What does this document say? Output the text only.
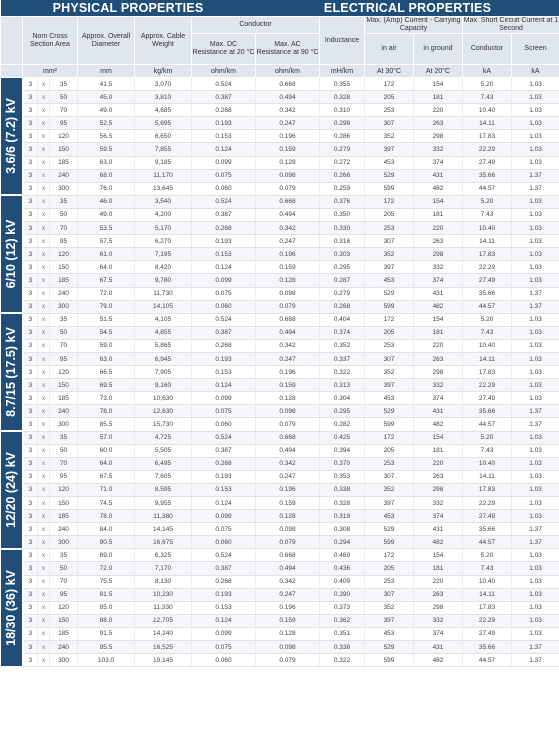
PHYSICAL PROPERTIES							ELECTRICAL PROPERTIES					
	Nom Cross Section Area			Approx. Overall Diameter	Approx. Cable Weight	Conductor		Inductance	Max. (Amp) Current - Carrying Capacity		Max. Short Circuit Current at 1 Second	
						Max. DC Resistance at 20 °C	Max. AC Resistance at 90 °C		in air	in ground	Conductor	Screen
	mm²			mm	kg/km	ohm/km	ohm/km	mH/km	At 30°C	At 20°C	kA	kA

3.6/6 (7.2) kV	3	x	35	41.5	3,070	0.524	0.668	0.355	172	154	5.20	1.03
	3	x	50	45.0	3,810	0.387	0.494	0.328	205	181	7.43	1.03
	3	x	70	49.0	4,685	0.268	0.342	0.310	253	220	10.40	1.03
	3	x	95	52.5	5,695	0.193	0.247	0.298	307	263	14.11	1.03
	3	x	120	56.5	6,650	0.153	0.196	0.286	352	298	17.83	1.03
	3	x	150	59.5	7,855	0.124	0.159	0.279	397	332	22.29	1.03
	3	x	185	63.0	9,185	0.099	0.128	0.272	453	374	27.49	1.03
	3	x	240	68.0	11,170	0.075	0.098	0.266	529	431	35.66	1.37
	3	x	300	76.0	13,645	0.060	0.079	0.259	599	482	44.57	1.37

6/10 (12) kV	3	x	35	46.0	3,540	0.524	0.668	0.376	172	154	5.20	1.03
	3	x	50	49.0	4,200	0.387	0.494	0.350	205	181	7.43	1.03
	3	x	70	53.5	5,170	0.268	0.342	0.330	253	220	10.40	1.03
	3	x	95	57.5	6,270	0.193	0.247	0.316	307	263	14.11	1.03
	3	x	120	61.0	7,195	0.153	0.196	0.303	352	298	17.83	1.03
	3	x	150	64.0	8,420	0.124	0.159	0.295	397	332	22.29	1.03
	3	x	185	67.5	9,780	0.099	0.128	0.287	453	374	27.49	1.03
	3	x	240	72.0	11,730	0.075	0.098	0.279	529	431	35.66	1.37
	3	x	300	79.0	14,105	0.060	0.079	0.268	599	482	44.57	1.37

8.7/15 (17.5) kV	3	x	35	51.5	4,105	0.524	0.668	0.404	172	154	5.20	1.03
	3	x	50	54.5	4,855	0.387	0.494	0.374	205	181	7.43	1.03
	3	x	70	59.0	5,865	0.268	0.342	0.352	253	220	10.40	1.03
	3	x	95	63.0	6,945	0.193	0.247	0.337	307	263	14.11	1.03
	3	x	120	66.5	7,905	0.153	0.196	0.322	352	298	17.83	1.03
	3	x	150	69.5	9,160	0.124	0.159	0.313	397	332	22.29	1.03
	3	x	185	73.0	10,630	0.099	0.128	0.304	453	374	27.49	1.03
	3	x	240	78.0	12,630	0.075	0.098	0.295	529	431	35.66	1.37
	3	x	300	85.5	15,730	0.060	0.079	0.282	599	482	44.57	1.37

12/20 (24) kV	3	x	35	57.0	4,725	0.524	0.668	0.425	172	154	5.20	1.03
	3	x	50	60.0	5,505	0.387	0.494	0.394	205	181	7.43	1.03
	3	x	70	64.0	6,495	0.268	0.342	0.370	253	220	10.40	1.03
	3	x	95	67.5	7,605	0.193	0.247	0.353	307	263	14.11	1.03
	3	x	120	71.0	8,595	0.153	0.196	0.338	352	298	17.83	1.03
	3	x	150	74.5	9,955	0.124	0.159	0.328	397	332	22.29	1.03
	3	x	185	78.0	11,380	0.099	0.128	0.319	453	374	27.49	1.03
	3	x	240	84.0	14,145	0.075	0.098	0.308	529	431	35.66	1.37
	3	x	300	90.5	16,675	0.060	0.079	0.294	599	482	44.57	1.37

18/30 (36) kV	3	x	35	69.0	6,325	0.524	0.668	0.469	172	154	5.20	1.03
	3	x	50	72.0	7,170	0.387	0.494	0.436	205	181	7.43	1.03
	3	x	70	75.5	8,130	0.268	0.342	0.409	253	220	10.40	1.03
	3	x	95	81.5	10,230	0.193	0.247	0.390	307	263	14.11	1.03
	3	x	120	85.0	11,330	0.153	0.196	0.373	352	298	17.83	1.03
	3	x	150	88.0	12,705	0.124	0.159	0.362	397	332	22.29	1.03
	3	x	185	91.5	14,240	0.099	0.128	0.351	453	374	27.49	1.03
	3	x	240	95.5	16,525	0.075	0.098	0.338	529	431	35.66	1.37
	3	x	300	103.0	19,145	0.060	0.079	0.322	599	482	44.57	1.37
